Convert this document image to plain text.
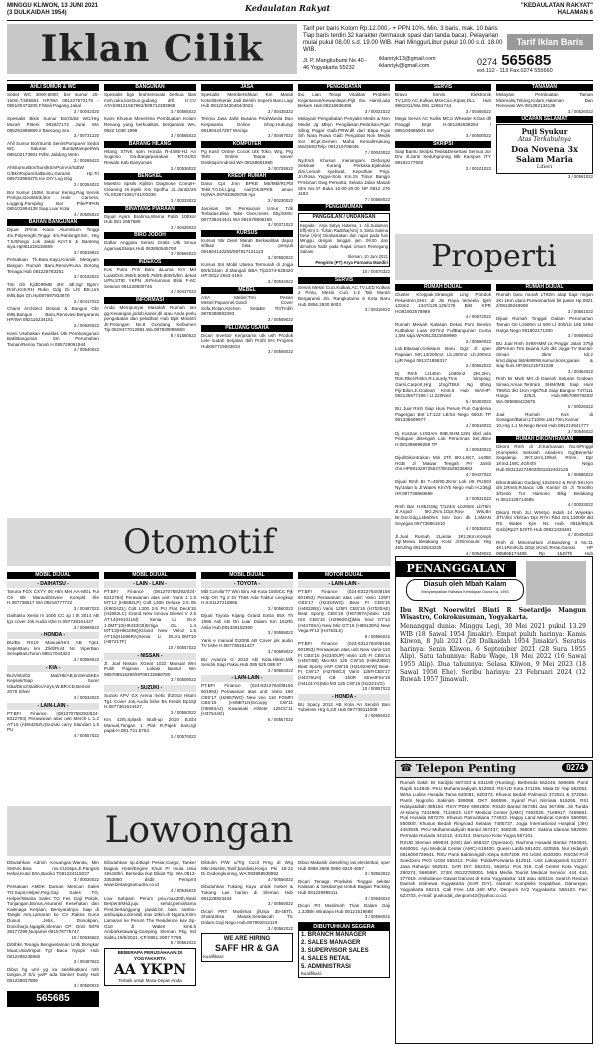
MINGGU KLIWON, 13 JUNI 2021
(3 DULKAIDAH 1954)	Kedaulatan Rakyat	"KEDAULATAN RAKYAT"
HALAMAN 6
Iklan Cilik	Tarif per baris Kolom Rp.12.000,- + PPN 10%. Min. 3 baris, mak. 10 baris Tiap baris terdiri 32 karakter (termasuk spasi dan tanda baca). Pelayanan mulai pukul 08.00 s.d. 19.00 WIB. Hari Minggu/Libur pukul 10.00 s.d. 18.00 WIB.
Tarif Iklan Baris
Jl. P. Mangkubumi No.40 - 46 Yogyakarta 55232
iklanriyk13@gmail.com
iklanriyk@gmail.com	0274 565685
ext.112 - 113 Fax.0274 555660
AHLI SUMUR & WC
Sedot WC 3000-6000, bor sumur 20-150m,T.565591 HP/WA 081227572179 - 085100473205 F/Wali Pagang Jakal
3 / 00042420
Spesialis Bikin Sumur Bor/Sdot WC/Hrg Murah P.Beni 081827172 Jurai WA 085291888889 ir Bsecang Sra
3 / 00731220
Ahli Sumur Bor/Sumb ServisPompaAir Sedot WC Saluran BuntuMampet/Wa 085102173801 Pdlm Jalidorg Wetn
3 / 00269422
AhliSumurBor/SumlkSrvPomAir/SdtW C/BknRopan/SalBuntu,Garansi Hp.Tri 085723966375 Ice DIY Log Diig
3 / 00354022
Bor Sumur 150M, Sumur Kering,Pag Servis Pompa,Geolistrik,Bor Hole Camera, Logging,Pumping Bor Pile/PIPAN 085101994138 Siap Luar Kota
4 / 00505022
BAHAN BANGUNAN
Dijual 2Pims Kaca Aluminium Tinggi 4m,Polyrenghi,Tinggi 4m,Panlong3.5m, Hrg 7.5Jt/Nego Lok Jakal Km7.5 Ji Banteng siya.Hp081228119589
3 / 00519822
Persatuan Tk.Batu,Kayu,Kramik Metayam Bangun Rumah Baru,Renov/Kuna Borong Tenaga.Hub 081228783251
3 / 00192022
Tim Gb Kji3DIRMB 4Hr Jdt.Sgl Bgnn: Rmh,Kntr,RH Ruko Gdg Di Lht Btn,Urs IMB,Bps Gh.Hp087897933878
3 / 00417022
Chans Architect Desain & Bangun Gbr IMB,Bangun Baru,Renovasi,Bergaransi HP/WA 082116234151
3 / 00520022
Kami Usahakan Kwalitas Utk Pembangunan Bak/Bangunan Sm Perumahan Taman/Renov Tanah.H 085729061944
3 / 00540022
BANGUNAN
Spesialis bgn bruhrenovasi berkua litas mnh,ruko,kosGun,gudang drll H.CV ATAS08121567662/508712383968
3 / 00565022
Kami Khusus Menerima Pembuatan Kolam Renang yang berkualitas, bergaransi WA. 0822 1038 1998
3 / 00565022
BARANG HILANG
Hilang STNK spm Honda R-4485-HJ An Sugiono Da.Banjarpanakan RT.01/03 Rewalo Kab Banyumas
3 / 00536022
BENGKEL
Maestro Spsils Kijilton Diagnose CompH-Cleaning Hi,Injeki Kiti Spofhu JL.Janti2/26 Yk.S02871081741/03338
3 / 00333022
BINATANG PIARAAN
Dijual Ayam Brahma,Warna Putih 10Ekor Hub.081 2657688
3 / 00426022
BIRO JODOH
Daftar Anggota Serasi Gratis Utk Smua Agama&Status.Hub 083850545760
3 / 00565022
INDEKOS
Kos Putra Pnh Baru &Luma Km Md Luas/Dim.350rb,500rb,750rb,800rb/bln dekat UPN,STIE YKPN Jl.Perumnas Blok F-6C Seturan 081228830746
4 / 00437022
INFORMASI
Anda Mempunyai Masalah Rumah tan gg,Keuangan,jodoh,karier,dll atau Anda perlu pengobatan dan pelatihan Hub Bpk Mriantri Jlr.Potongan No.8 Gondang Kebumen Tip.0819477012881 Wa.087830086660
8 / 01560522
JASA
Spesialis Membersihkan Km Mandi Kotor/Berkerak Jadi Bersih Seperti Baru Lagi Hub.081223430404/3023
3 / 00435322
Terima Jasa Jahit Busana Pria/Wanita Dan Kerjasama Online Shop.Hubungi 081804247297 WA/aja
3 / 00467022
KOMPUTER
Pg Kasir Online Cocok Utk Toko, Wrg, Prg Terb Online Tanpa server Desktop/Android.WA 08158651880
3 / 00729522
KREDIT RUMAH
Dana Cpt Jmn BPKB Mtr/Mbl/Rt,Pbl Tekit,T.0.bs,Lgsg cair(Ok.BPKB aman Hp/WA.087833608786 Aja
3 / 00230022
Jaminan SK Pensiunan Umur Tdk Terbatas,Bisa Take Over,mons Sby/SMS: 087738344441 WA 081578806159
3 / 00371022
KURSUS
Kursus Stir Diesl Marah Berkwalitas dapat siftkan bisa penyuli 081804142255/087817121123
3 / 00550022
Kursus Stir Mobil Utama Termurah di Jogja 80rb/2Jam Jl.Mangali BBA Tlp2274-625420 HP:0812 2643 4194
3 / 00534022
MEBEL
ASA Mebel:Trm Pesan Mebel:Papannel,Gardi Cover Sofa,Rotan,Kitchen Set&Bn Tlr/Tmbh 0878388883393
3 / 00569022
PELUANG USAHA
Dicari Investor Kerjasama utk ush Produk Lele sudah berjalan Ibih Profit 5% Progres Hub087715003034
3 / 00568022
PENGOBATAN
Ibu Lian Terapi Vitalitas Problem Kejantanan/Kewanitaan,Pijit Ibu Hamil,ada Bekam Hub.08216636486
3 / 00021022
Melayani Pengobatan Penyakit Medis & Non Medis Jg Mbyn Penglaisan,Pelarisan,Pgar Siling Pagar Gaib,PRW,dll dari Bapa Kyai Sih Nara Ruwa Gaib Pengobat Non Medis Sor 8Cpt,Gemen Maha Kemal/Hukung Wa/SMS/Telp: 081215706046
7 / 00043022
Ny.Endi Khusus menangani Disfungsi Seksual Kurang Perkasa,Ejakulasi dini,Lemah syahwat, Keputhan Prigi, Jn.Rosa Yogya-Solo Km.15 Timur Bangjo Prmbnan Gwg Pemarta, Selasa Jalan Masak Stm No.47 Buka 10.00-20.00 HP 0812 276 1193
7 / 00568022
PENGUMUMAN
PANGGILAN / UNDANGAN
Kepada : Arya Satya Hutama, 1. Ali Sulaiman Eff(Alm) 2. Tuhan Raditha(Alm) 3. Sinta Sukma Dewi (Alm) Dirahasiakan dari rapat pada hari Minggu dengan tanggal jam 09.00 dan dimohon hadir pada Rapat Umum Pemegang Saham.
Sleman, 10 Juni 2021
Pengirim (PT) Arya Purnama Mandiri
10 / 00570322
SERVIS
Servis Mesin Cuci,Kulkas,AC,TV,LED Kulkas 2 Pintu, Mesin Cuci 1-2 Tab Murah Bergaransi Jln. Rangkutamo 5 Kota Baru Hub 0856 2930 9003
3 / 00316022
SERVIS
Bravo Servis Elektronik TV,LED,AC,Kulkas,MsnCuci,Kipas,DLL Hub 0881011/Wa 081 12651744
3 / 00465022
Mega Servis AC Kulks MCci Wheater KGas dll Panggil Brgs H.081392838294 / 085104885501 WA
3 / 00500022
SKRIPSI
Siap Bantu Skripsi,Tesis&Desertasi Semua Jur Dra Jl.Janti Seduhgrunng Blk Kampus ITY 08182177603
3 / 00101022
TANAMAN
Melayani Pembuatan Taman Minimalis,Tebing,Kolam,Halaman Dan Renovasi WA 081392134136
3 / 00526022
UCAPAN SELAMAT
Puji Syukur
Atas Terkabulnya
Doa Novena 3x
Salam Maria
Lifieri
3 / 00561022
Properti
RUMAH DIJUAL
Cluster Kroppak,Strategis Ling Pondok Pesantren,5Hrc dr Jln Raya temeela bjsh 122m2 1347/125,125/175 Blst KPR HO81902578989
4 / 00672022
Rumah Mewah Kalasan Dekat Pom Bensin Kutbaluw Luas 207m2 FullBangunan Cuma 1,5M saja.WA0813321659999
3 / 00560022
Lok.Bitaraan,Celelaun Baru Gg2 Jl oper Papaian Mrt.14/200m2 Lb.200m2 Lb.200m2 LjiR Nego 081271858317
3 / 00562022
Dj Rmh Lt145m Lb90m2 2KI,2Kn, Rtm,Rkel,Rmkn,R.Lourdy,Trnn Simping, Garsi,Carport,Hrg 1hrg/TBUI Ng Bbng Pijr.Bilon,Ji.Godean Km6.5 Hub WA/HP: 082136577196 / Lt.220Ned
5 / 00403022
BU Jual Rmh Siap Huni Perum Puri Gardenia Pagergan Bnt LT:122 LB:54 Nego 650Jt TP 081336509977
4 / 00510022
Dj Kos2an Lt:50Am IMB,SHM,12Kt kbsl ada Pedapan disengah Lok Perumnas Sel,JBne H:081389998289 TP
3 / 00040022
Dijul/Dikontrakan Min 2Th 6Kt,LSK7, Ls350 HGB Jl Mawar Tengah Prr Jamb chs.HP081328725527/081529236683
4 / 00427022
Dijual Rmh Br T=45/90,2Kmr Lok Utr PUSDI Ny/Jalan 5 Jl.Wates Km7/5 Nego Hub H.236jjt HP.087738883699
3 / 00531022
Rmh Bar H.85Jt,Mg T/124m Lb205m LbT6m Jl.Argod 5KI,2Km,1Dpr,Row Wis,Bn Br,Gsr.Gdg,Lsb60hrs Sinr bon dk 1,5MAN Seyegan 087738861510
4 / 00535022
Jl.Jual Rumah 2Lantai 3Kt,2Km,Kompli Tgl.Mewa Belakang Kost Jl.Rimonunt Hrg 450J/Ng 08132843225
4 / 00549022
RUMAH DIJUAL
Rumah baru murah LT92m atap baja ringan 2Kt 1Km utara Purwomartani bit pasar Hp.0821 2/08139249908
3 / 00561022
Dijual Rumah Tinggal Dalam Perumahan Taman Ori L1500m Lt 500 Lt 400/Lb 195 SHM Harga Nego 081802171300
3 / 00559022
BU Jual Rmh SHM-IMM Lk Pinggir Jalan 375jt dbPerum Trm Buana A16 dkt Jogja-TV Bantul-Siman 3kmr tdr,2 kmd,dapur,listrik900W,sumur,kons;garasi & siap huni.HP.081215731238
3 / 00364022
Rmh Br Mwh Mrt di Daerah Seturan Godean Siman,Aman,Tentram SHM/IMB Siap Huni T96/51 3kt 1Km Hg675Jt Siap Bangun T47/111 Harga 325Jt, Hub.085708878203/ WA.085868423675
5 / 00026022
Jual Rumah Kos di Sonagan/Baturi,LT100m,LB170m,Kamar 10,Hrg 1,1 M,Nego Berat Hub.081212641777
3 / 00546022
RUMAH DIKONTRAKAN
Dikont Rmh di Jl.Kamaraan No.6/Pnggil (Kompleks Sekolah Akademi Gg)Benerlar Segalenju 3KT,1Km,1Rkel, Rmm, Dpr 1Kmd,1WC,4Ghr/th Nego Hub:083132274802/081332402125
5 / 00686022
Dikontrakkan Gudang 13x24m2 & Rmh 5KI,Km dm,1Rmtn,R.Baca Utk Kantor Di Jl Timotho 3/Gedo Tut Harsono Blkg Belakang H.0812129714665
4 / 00033022
Dikont Rmh 2Lt Wnstyo Indah 14 Wiyekan JlTI/Jlnt Vk/Gan Dpr R7m Rbd Grs,1300W dkt RS Wates Kjm Ns Hub 0815/85(Jk Gmb)Rp27.5Jt/Th Hub 08821333481
4 / 00400022
Rmh di Minomartani Jl.Bandeng 3 Nc.11 4Kt,1Rm/Kd1,1Dpr,1Kmd,Teras,Garasi HP 085865174485 Rp 15Jt/Th Hub
PENANGGALAN
Diasuh oleh Mbah Kalam
Menyampaikan Rahasia Kehidupan Dunia Ka, 1993
Ibu RNgt Noerwitri Binti R Soetardjo Mangun Wisastro, Cokrokusuman, Yogyakarta.
Menanggal dunia: Minggu Legi, 30 Mei 2021 pukul 13.29 WIB (18 Sawal 1954 Jimakir). Empat puluh harinya: Kamis Kliwon, 8 Juli 2021 (28 Dulkaidah 1954 Jimakir). Seratus harinya: Senin Kliwon, 6 September 2021 (28 Sura 1955 Alip). Satu tahunnya: Rabu Wage, 18 Mei 2022 (16 Sawal 1955 Alip). Dua tahunnya: Selasa Kliwon, 9 Mei 2023 (18 Sawal 1956 Ehe). Seribu harinya: 23 Februari 2024 (12 Ruwah 1957 Jimawal).
☎ Telepon Penting	0274
Rumah Sakit: Dr Sardjito 587333 & 631190 (Hunting). Bethesda 562246, 586688. Panti Rapih 514845. PKU Muhammadiyah 512653. RS-UD Kota 371195. Mata Dr Yap 562054. Wirta Ludira Husada Tama 620091, 620373. Khusus Bedah Palmaszi 372021 & 372054. Pantri Nugroho Sakinah 389098. DKT 566596. Syaraf Puri Nirmala 515255. RSI Hidayatullah 389194. RSIY PDHI 6991800. RSUD Bantul 367381 dan 367386. Jin Turida Al-Islamy 7431968, 7114823. UST Medical Center (UMC) 7492025. 7168917, 7459681. Puri Husada 587270. Khusus Pamuntiana 774633. Happy Land Medical Centre 550058, 550000. Khusus Bedah Ringroad Selatan 7485737. Jogja International Hospital (JIH) 4463535. PKU Muhammadiyah Bantul 367437, 368238, 368067. Sakina Idaman 582009. Permata Husada 441212, 441313. Darsono Kota Yogya 587101.
RSUD Sleman 869934 (IGD) dan 868437 (Operator), Rachma Husada Bantul 7454944, 6460091. Ayu Medical Center (AMC) 618400. Queen Latifa 581402, 620555. Nur Hidayah 0816000729941. RSU Panti Baktiningsih Klepu 6497209. RS UGM 4530300. RSGM Prof Soedomo PKG UGM 555312. Polisi: Polda/Porwiarta 512511. Unit Laka/patroli 513237. Jasa Raharja: 562531. SAR DIY: 562331, 562811. Pos 319. Call Center Kota Yogya: 290274, 586589*. 2740/ 08122780001. Mitra Media Tourist Medical Service: 444 444, 377019. Ambulance Gawat Darurat di Kota Yogyakarta: 118 atau 420118. Search Rescue Daerah Istimewa Yogyakarta (SAR DIY), Alamat: Kompleks Kepatihan, Danurejan, Yogyakarta 55213. Call Free 148 160 Mhz. Denpom IV/2 Yogyakarta: 566103. Fax: 623733, e-mail: puskodal_denpom42@yahoo.co.id.
Otomotif
MOBIL DIJUAL
- DAIHATSU -
Taruna FGX CXYY 06 Htm Met AA-MGL Ful Ori Bk Manual/Ssvice Komplit Sle H.087738617 WA 08216777722
3 / 00487022
Daihatsu Xenia m 1000 CC xp t th 2014 AB tg1 cover Jok Audio ishe H.087738161427
3 / 00569022
- HONDA -
BU/Bo RS19 Manual/Hr4 AB Tgn1 SeperBaru km Z/klt/Pu/4 Nc ViperBan SerapBaruTurun 08517044322
3 / 00559022
- KIA -
Bu/Visto/02 Mat/Hk/AB,knSendiKEx Kepsek/Siap Surer Isba/Dinc/Istal/Kc/Airys,W.BR.CD,Bensin 2079 Silver
3 / 00534022
- LAIN-LAIN -
PT.BFI Finance (081370768292/024-8312764) Perawanan atas unit Merch L 1.2 AT'15 (AD6425ZU)Suzuki carry Standart 1.5 PU
4 / 00557022
MOBIL DIJUAL
- LAIN - LAIN -
PT.BFI Finance (081370768292/024-8312764) Perawanan atas unit: Yaris J 1.5 MT'12 (H5682LP) Colt L300 Deluxe 2.5 05 (K9024ZL) Colt L300 2.5 PU Flat Deck'15 (H1952LC) Grand New Innova Diesel V 2.5 AT'14(H9101LM) Xenia Li DLX 1.0MT'10(H9433CB)Ertiga GL 1.4 MT'13(H9810NQ)Grand New Veloz 1.5 AT'15(H1086RA)Xenia Li DLX1.0MT10 (H8721TF)
10 / 00557022
- NISSAN -
Jl. Jual Nissan XGear 1022 Manual Wrn Putih Pajanan Lokasi Bantul WA 085788515290/HP08132888780
3 / 00509022
- SUZUKI -
Suzuki APV GX Arena metic th2010 Hitam Tg1 Cover Jok,Audio lishe Bs Kredit Dp15jt H.0877361614427
3 / 00550022
Km 42rb,Splash Built-up 2010 B,Ebt Manual,Tangan 1 Plat R,Pajek baru,tgl pajak.H.081.721.5754
3 / 00570022
MOBIL DIJUAL
- TOYOTA -
Mbl Corolla'77 Wrn Biru AB Kota 1500CC Pjk Hdp Orr Tg 2 Dr Th64 Ada Faktur Lengkap H.0.81127218855
3 / 00560022
Dijual Toyota Kijang Grand Extra 55X Th 1996 Asli AB Ori Luar Dalam Km 151Rb Aslia Hub.081339102360
3 / 00559022
Yaris e manual th2008 AB Cover jok audio TV Iishe H.087736161427
3 / 00569022
BU Avanza G 2013 AB Kota,Hitam,Mlk Sendiri,Siap Pakai,Hub 085 625 089 87
3 / 00554022
- LAIN-LAIN -
PT.BFI Finance (024-8312764/08156 601953) Perawanan atas unit: Vario 150 CBS'17 (H2867WG) New vrio 110 FGMFI CBS'15 (H48BTLN)Scoopy CW'11 (H5963AJ) Kawasaki Athlete 125CC'11 (H3754AD)
6 / 00557022
MOTOR DIJUAL
- LAIN-LAIN -
PT.BFI Finance (024-8312764/08156 601953) Perawanan atas unit: Vario 125FI CBS'17 (H2334WG) Beat FI CBS'16 (H4822BS) Vario 125FI CBS'16 (H7020AE) Beat Sporty CBS'18 (H6736TA)Vario 125 ISS CBS'15 (H2960GQ)Mio Soul GT'14 (H4478SA) New Mio GT'16 (H8813DN) New Vega-R'13 (H4763LS)
9 / 00556022
PT.BFI Finance (024-8312764/08156 601953) Perawanan atas unit New Vario-110 FI CBS'16 (H2340UP) Vario 125 FI CBS'14 (H4574Bl) Mio-M3 125 CW'16 (H6623BG) Beat Sporty eSP CW'16 (H3192AEW) Beat-FI CW'17 (H2759GJ) Vario 125FICBS'17 (H4376UH) CB -150R StreetFire'15 (H4101YG)Mio M3 125 CW'15 (H2221VG)
10 / 00557022
- HONDA -
BU Spacy 2012 AB Kota An Sendiri Ban Tubeless Hrg 6,2Jt Hub 087739111008
3 / 00555022
Lowongan
Dibutuhkan Admin Keuangan,Wanita, Min SMA/K,Bisa ms.CUDsps,Jl.Pangsis Kebal,Kutul 50A,Baciko T081224115027
3 / 00020022
Persatuan AMDK Daman Mencari Sales TO,Supir,Helper,Peg,Gaji Sales TO, Helper/Wanita Sales TO Fes Gaji Pokok, Tunjangan,Bonus,Asuransi Kesehatan dan Kalenaga Kerjaan, Bersyaratnya. Siap di Tangki Aim,Lamaran ke CV Raksa Guna Dusun Jetis, Donokpan, Donoharjo,Ngaglik,Sleman CP: Doni 0878 39177299,Nurjamin 081578776747
10 / 00536622
Dibthkn Tenaga Bengwelaman Untk Bongkar Muat,Usia/Imput Tgl Baca Nyopir Hub 0812295236960
3 / 00487622
Dibut hg uml yg ka seitihkatkan/ mth tangan,Jl S/u ya/P ada banner busty Hub 081229037889
3 / 00500022
565685
Dibutuhkan sp.d4kapl Pesiar,Cargo, Tanker Bagian Hotel/Engine Khus Pr mula Usia 18s42thn. Bersedia Ikut Dikiat Tlp. WA.0813-3353850 dsdir. Pemprnt www.bintangsamudra.co.id
4 / 00535022
Low Sahpam Perum pria,max30th,Wasl Berpent/Msd,juju sehat,pemahama Penl,bertanggung jawab,bn bais rambu-ambuaj&ui,domisili max 10km dr Ngora,Kirim Lamaran ke Perum The Residence kav Sp-G10 Jl Wates km5.5 Ambarketawang,Gamping Sleman Pkg Ind Sabtu,19/6/2021, CP:0851 3087 7799
8 / 00561022
BEBERAPA PERUSAHAAN DI YOGYAKARTA
AA YKPN
Terbaik untuk Masa Depan Anda
Dibtuhn P/W u/Trg Cucil Prng di Wrg Mkn,Muslim,Tanif,bandaki,Kenja Pki 16-22 Di Godongkumng, WA:083868538992
4 / 00556022
Dibutuhkan Tukang Kayu untuk mebel & Tukang Las harian di Sleman Hub 081228823434
3 / 00560022
Dicari PRT Muslimat jl/Usia 30-45Th, Sholat,Bisa Masak,Sendaicah Tlc Dolam,Gaji Nego.Hub.087892012119
3 / 00562022
WE ARE HIRING
SAFF HR & GA
Kualifikasi:
Dibut Makanik diesel/Ing las,elecktrikal, oper Hub 0888 2806 0856 9219 4657
3 / 00563022
Dicari Tenaga Produksi Tinggal sekitar Kalasan & Sekitarnya Untuk Bagian Packing Hub 081229999111
3 / 00546022
Dicari Prt Muslimah Trian Dalam Gaji 1,3JtBln Wiralaya Hub 08121519688
3 / 00568022
DIBUTUHKAN SEGERA
1. BRANCH MANAGER
2. SALES MANAGER
3. SUPERVISOR SALES
4. SALES RETAIL
5. ADMINISTRASI
Kualifikasi:
